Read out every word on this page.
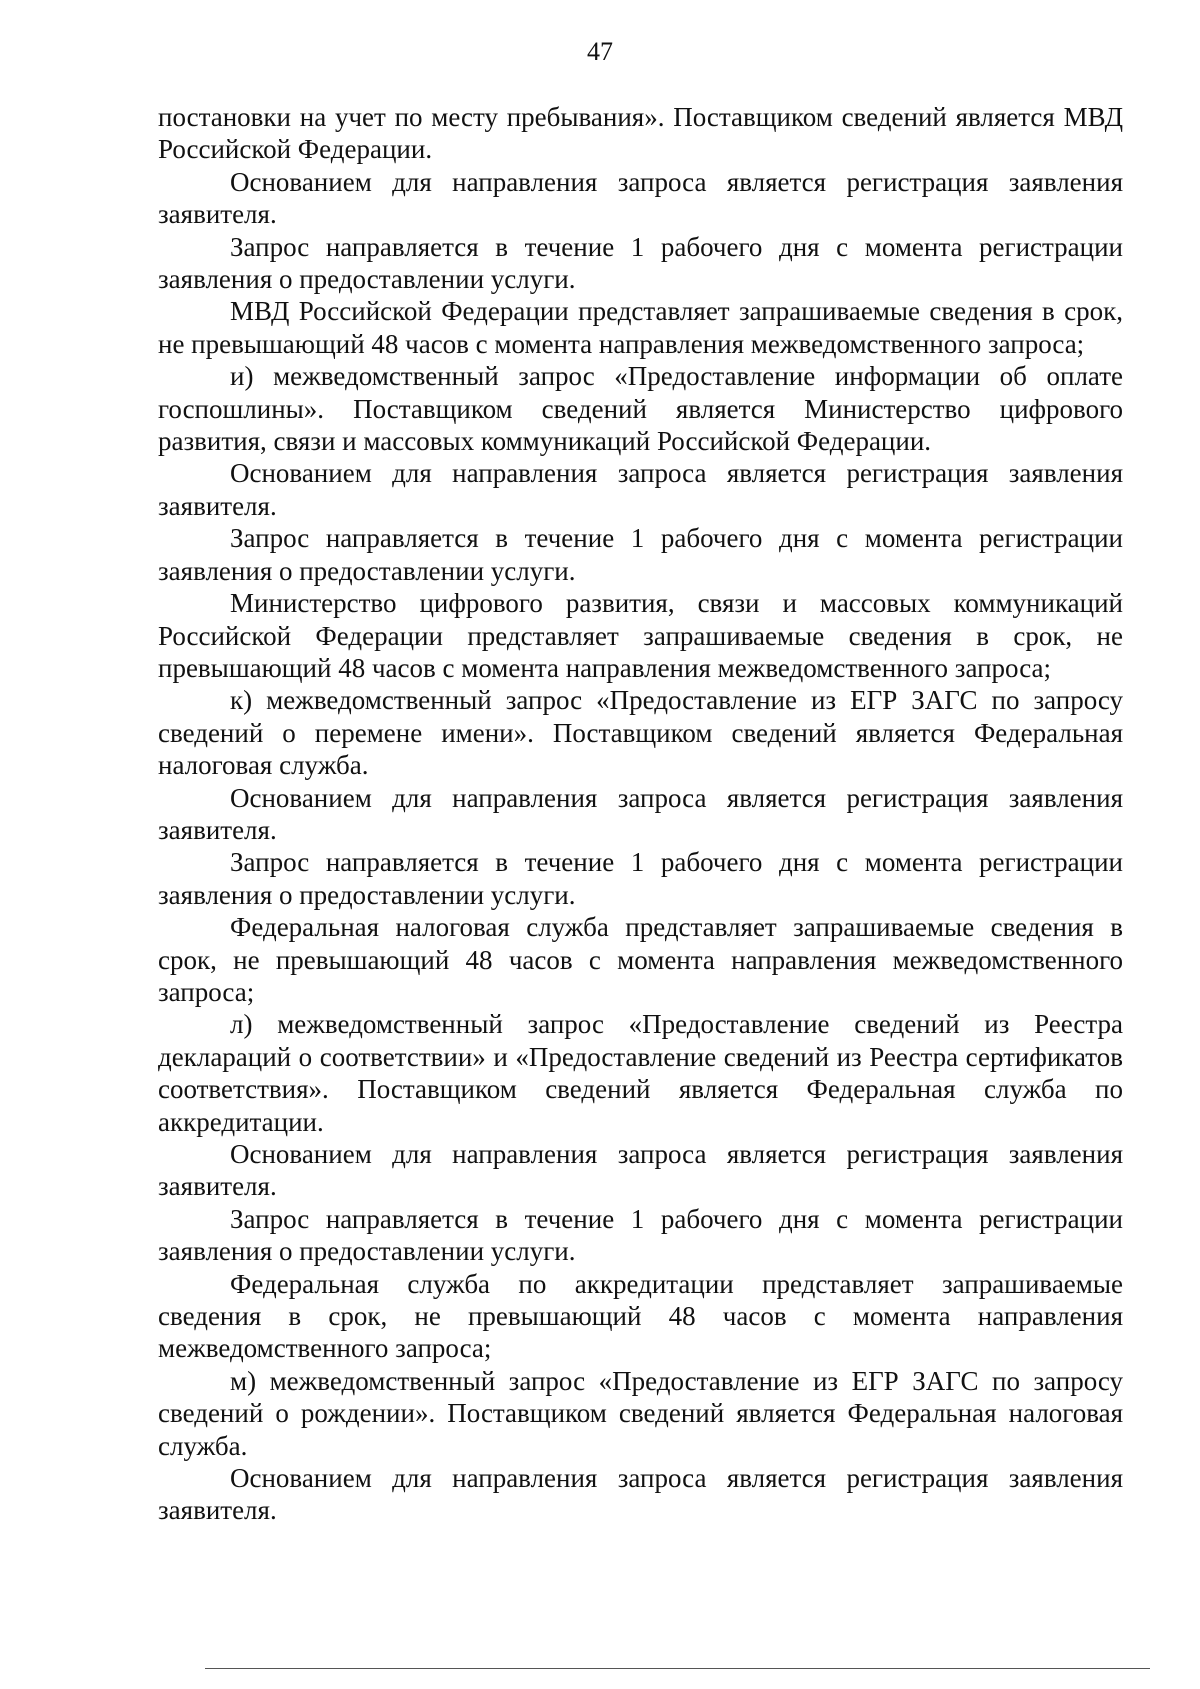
47

постановки на учет по месту пребывания». Поставщиком сведений является МВД Российской Федерации.

Основанием для направления запроса является регистрация заявления заявителя.

Запрос направляется в течение 1 рабочего дня с момента регистрации заявления о предоставлении услуги.

МВД Российской Федерации представляет запрашиваемые сведения в срок, не превышающий 48 часов с момента направления межведомственного запроса;

и) межведомственный запрос «Предоставление информации об оплате госпошлины». Поставщиком сведений является Министерство цифрового развития, связи и массовых коммуникаций Российской Федерации.

Основанием для направления запроса является регистрация заявления заявителя.

Запрос направляется в течение 1 рабочего дня с момента регистрации заявления о предоставлении услуги.

Министерство цифрового развития, связи и массовых коммуникаций Российской Федерации представляет запрашиваемые сведения в срок, не превышающий 48 часов с момента направления межведомственного запроса;

к) межведомственный запрос «Предоставление из ЕГР ЗАГС по запросу сведений о перемене имени». Поставщиком сведений является Федеральная налоговая служба.

Основанием для направления запроса является регистрация заявления заявителя.

Запрос направляется в течение 1 рабочего дня с момента регистрации заявления о предоставлении услуги.

Федеральная налоговая служба представляет запрашиваемые сведения в срок, не превышающий 48 часов с момента направления межведомственного запроса;

л) межведомственный запрос «Предоставление сведений из Реестра деклараций о соответствии» и «Предоставление сведений из Реестра сертификатов соответствия». Поставщиком сведений является Федеральная служба по аккредитации.

Основанием для направления запроса является регистрация заявления заявителя.

Запрос направляется в течение 1 рабочего дня с момента регистрации заявления о предоставлении услуги.

Федеральная служба по аккредитации представляет запрашиваемые сведения в срок, не превышающий 48 часов с момента направления межведомственного запроса;

м) межведомственный запрос «Предоставление из ЕГР ЗАГС по запросу сведений о рождении». Поставщиком сведений является Федеральная налоговая служба.

Основанием для направления запроса является регистрация заявления заявителя.
